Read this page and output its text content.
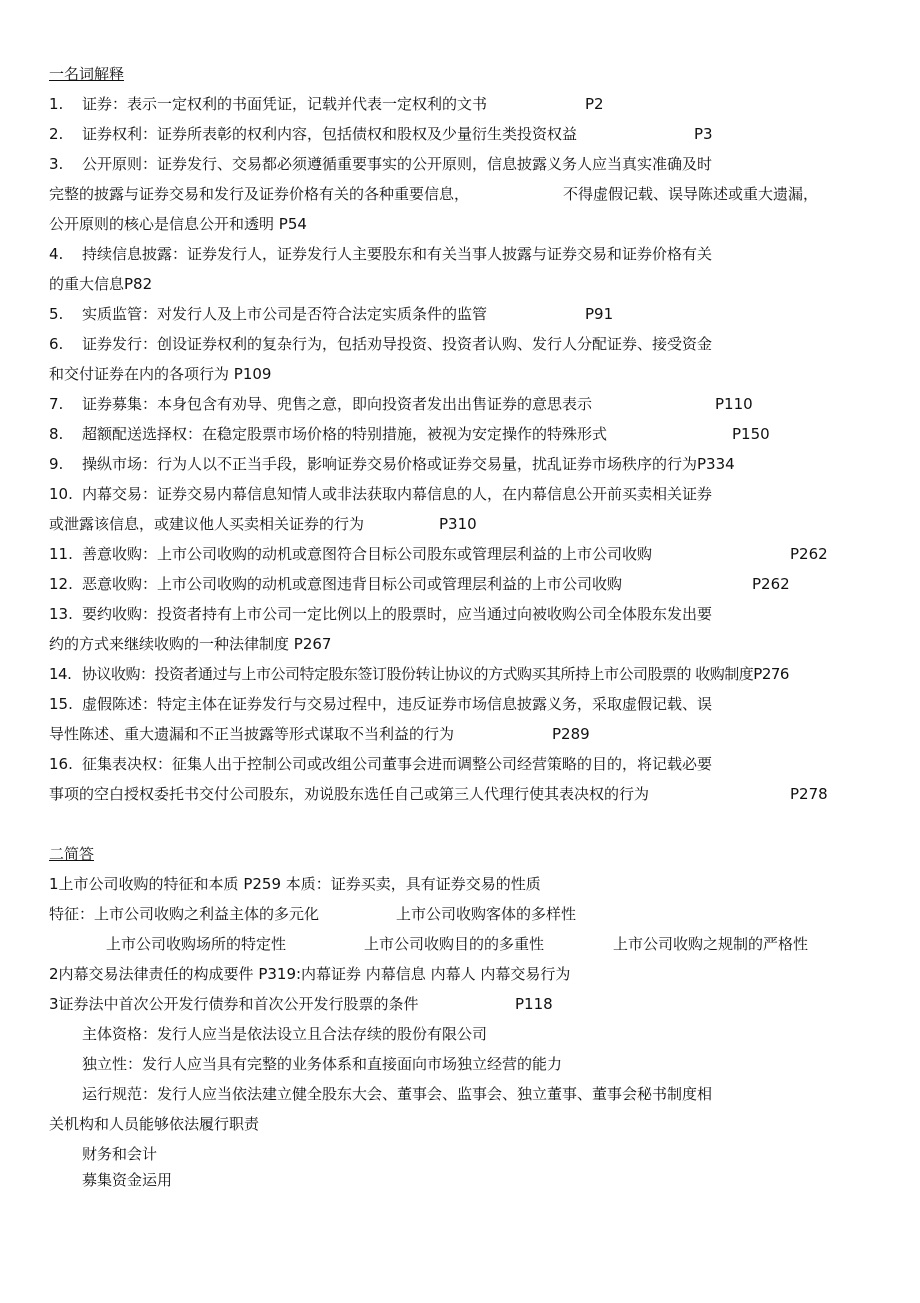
一名词解释
1. 证券：表示一定权利的书面凭证，记载并代表一定权利的文书	P2
2. 证券权利：证券所表彰的权利内容，包括债权和股权及少量衍生类投资权益	P3
3. 公开原则：证券发行、交易都必须遵循重要事实的公开原则，信息披露义务人应当真实准确及时
完整的披露与证券交易和发行及证券价格有关的各种重要信息，	不得虚假记载、误导陈述或重大遗漏，
公开原则的核心是信息公开和透明 P54
4. 持续信息披露：证券发行人，证券发行人主要股东和有关当事人披露与证券交易和证券价格有关
的重大信息P82
5. 实质监管：对发行人及上市公司是否符合法定实质条件的监管	P91
6. 证券发行：创设证券权利的复杂行为，包括劝导投资、投资者认购、发行人分配证券、接受资金
和交付证券在内的各项行为 P109
7. 证券募集：本身包含有劝导、兜售之意，即向投资者发出出售证券的意思表示	P110
8. 超额配送选择权：在稳定股票市场价格的特别措施，被视为安定操作的特殊形式	P150
9. 操纵市场：行为人以不正当手段，影响证券交易价格或证券交易量，扰乱证券市场秩序的行为P334
10. 内幕交易：证券交易内幕信息知情人或非法获取内幕信息的人，在内幕信息公开前买卖相关证券
或泄露该信息，或建议他人买卖相关证券的行为	P310
11. 善意收购：上市公司收购的动机或意图符合目标公司股东或管理层利益的上市公司收购	P262
12. 恶意收购：上市公司收购的动机或意图违背目标公司或管理层利益的上市公司收购	P262
13. 要约收购：投资者持有上市公司一定比例以上的股票时，应当通过向被收购公司全体股东发出要
约的方式来继续收购的一种法律制度 P267
14. 协议收购：投资者通过与上市公司特定股东签订股份转让协议的方式购买其所持上市公司股票的 收购制度P276
15. 虚假陈述：特定主体在证券发行与交易过程中，违反证券市场信息披露义务，采取虚假记载、误
导性陈述、重大遗漏和不正当披露等形式谋取不当利益的行为	P289
16. 征集表决权：征集人出于控制公司或改组公司董事会进而调整公司经营策略的目的，将记载必要
事项的空白授权委托书交付公司股东，劝说股东选任自己或第三人代理行使其表决权的行为	P278
二简答
1上市公司收购的特征和本质 P259 本质：证券买卖，具有证券交易的性质
特征：上市公司收购之利益主体的多元化	上市公司收购客体的多样性
上市公司收购场所的特定性	上市公司收购目的的多重性	上市公司收购之规制的严格性
2内幕交易法律责任的构成要件 P319:内幕证券 内幕信息 内幕人 内幕交易行为
3证券法中首次公开发行债券和首次公开发行股票的条件	P118
主体资格：发行人应当是依法设立且合法存续的股份有限公司
独立性：发行人应当具有完整的业务体系和直接面向市场独立经营的能力
运行规范：发行人应当依法建立健全股东大会、董事会、监事会、独立董事、董事会秘书制度相
关机构和人员能够依法履行职责
财务和会计
募集资金运用
